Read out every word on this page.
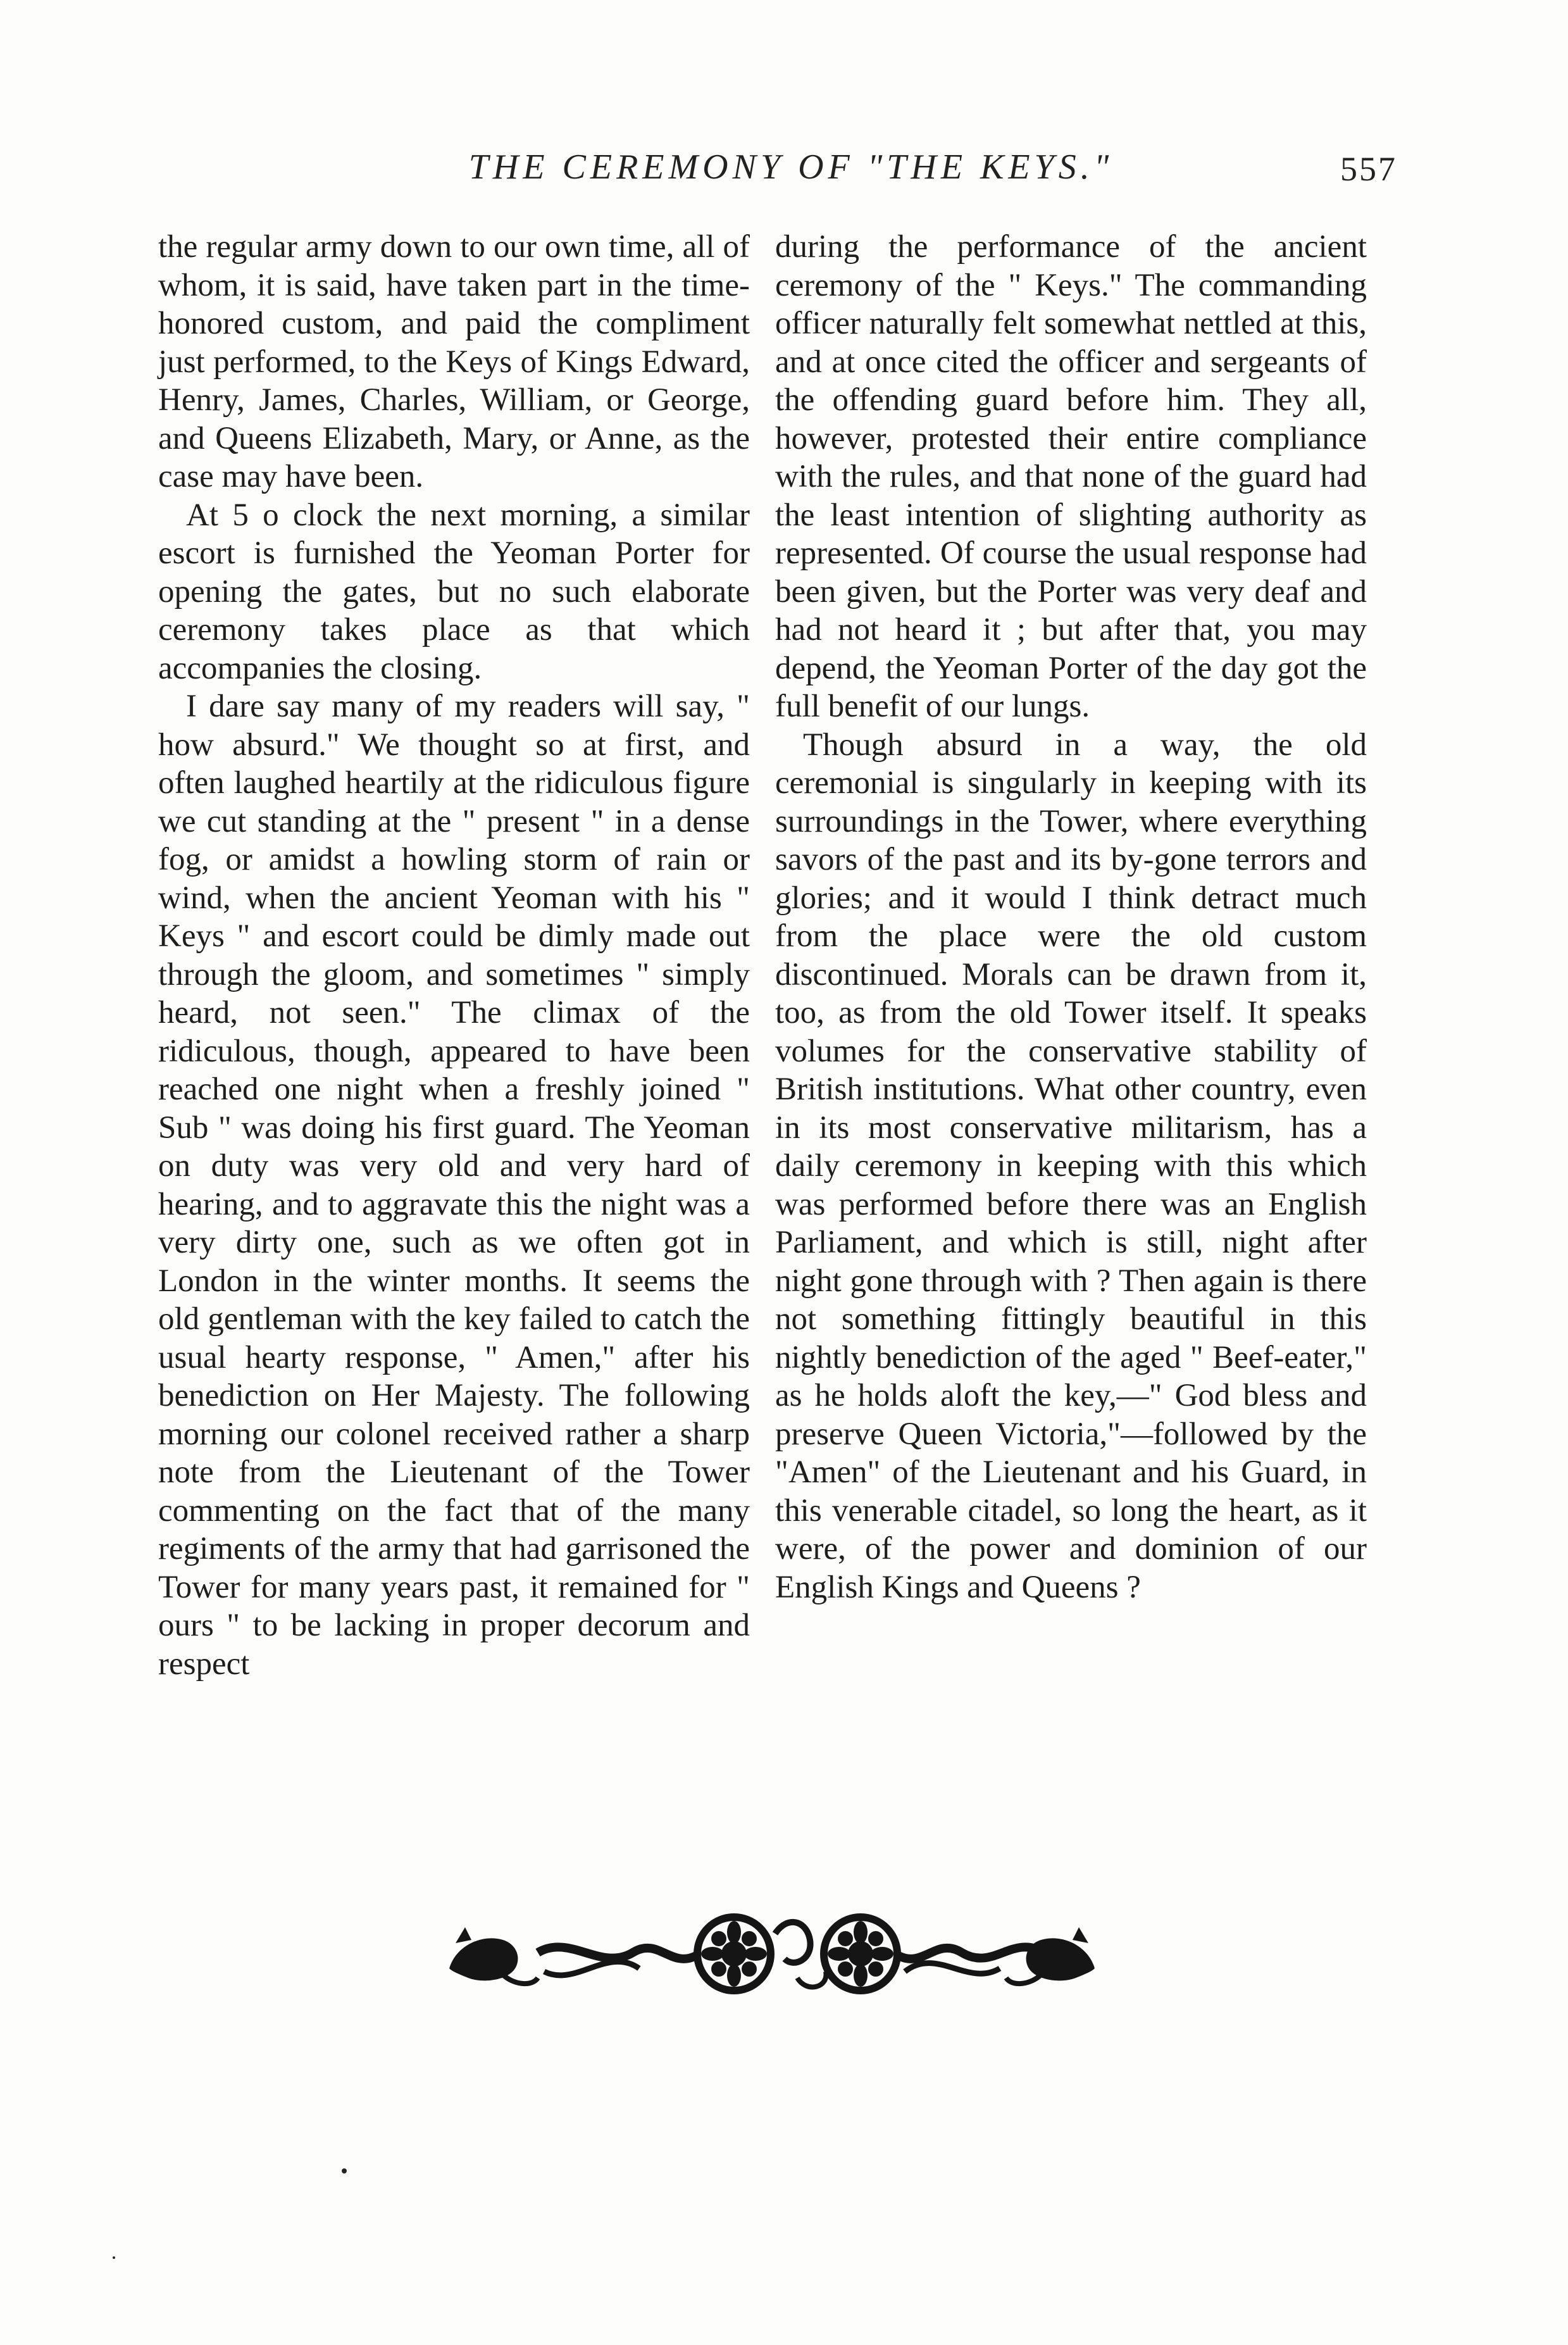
THE CEREMONY OF "THE KEYS."	557

the regular army down to our own time, all of whom, it is said, have taken part in the time-honored custom, and paid the compliment just performed, to the Keys of Kings Edward, Henry, James, Charles, William, or George, and Queens Elizabeth, Mary, or Anne, as the case may have been.

At 5 o clock the next morning, a similar escort is furnished the Yeoman Porter for opening the gates, but no such elaborate ceremony takes place as that which accompanies the closing.

I dare say many of my readers will say, " how absurd." We thought so at first, and often laughed heartily at the ridiculous figure we cut standing at the " present " in a dense fog, or amidst a howling storm of rain or wind, when the ancient Yeoman with his " Keys " and escort could be dimly made out through the gloom, and sometimes " simply heard, not seen." The climax of the ridiculous, though, appeared to have been reached one night when a freshly joined " Sub " was doing his first guard. The Yeoman on duty was very old and very hard of hearing, and to aggravate this the night was a very dirty one, such as we often got in London in the winter months. It seems the old gentleman with the key failed to catch the usual hearty response, " Amen," after his benediction on Her Majesty. The following morning our colonel received rather a sharp note from the Lieutenant of the Tower commenting on the fact that of the many regiments of the army that had garrisoned the Tower for many years past, it remained for " ours " to be lacking in proper decorum and respect

during the performance of the ancient ceremony of the " Keys." The commanding officer naturally felt somewhat nettled at this, and at once cited the officer and sergeants of the offending guard before him. They all, however, protested their entire compliance with the rules, and that none of the guard had the least intention of slighting authority as represented. Of course the usual response had been given, but the Porter was very deaf and had not heard it ; but after that, you may depend, the Yeoman Porter of the day got the full benefit of our lungs.

Though absurd in a way, the old ceremonial is singularly in keeping with its surroundings in the Tower, where everything savors of the past and its by-gone terrors and glories; and it would I think detract much from the place were the old custom discontinued. Morals can be drawn from it, too, as from the old Tower itself. It speaks volumes for the conservative stability of British institutions. What other country, even in its most conservative militarism, has a daily ceremony in keeping with this which was performed before there was an English Parliament, and which is still, night after night gone through with ? Then again is there not something fittingly beautiful in this nightly benediction of the aged " Beef-eater," as he holds aloft the key,—" God bless and preserve Queen Victoria,"—followed by the "Amen" of the Lieutenant and his Guard, in this venerable citadel, so long the heart, as it were, of the power and dominion of our English Kings and Queens ?
